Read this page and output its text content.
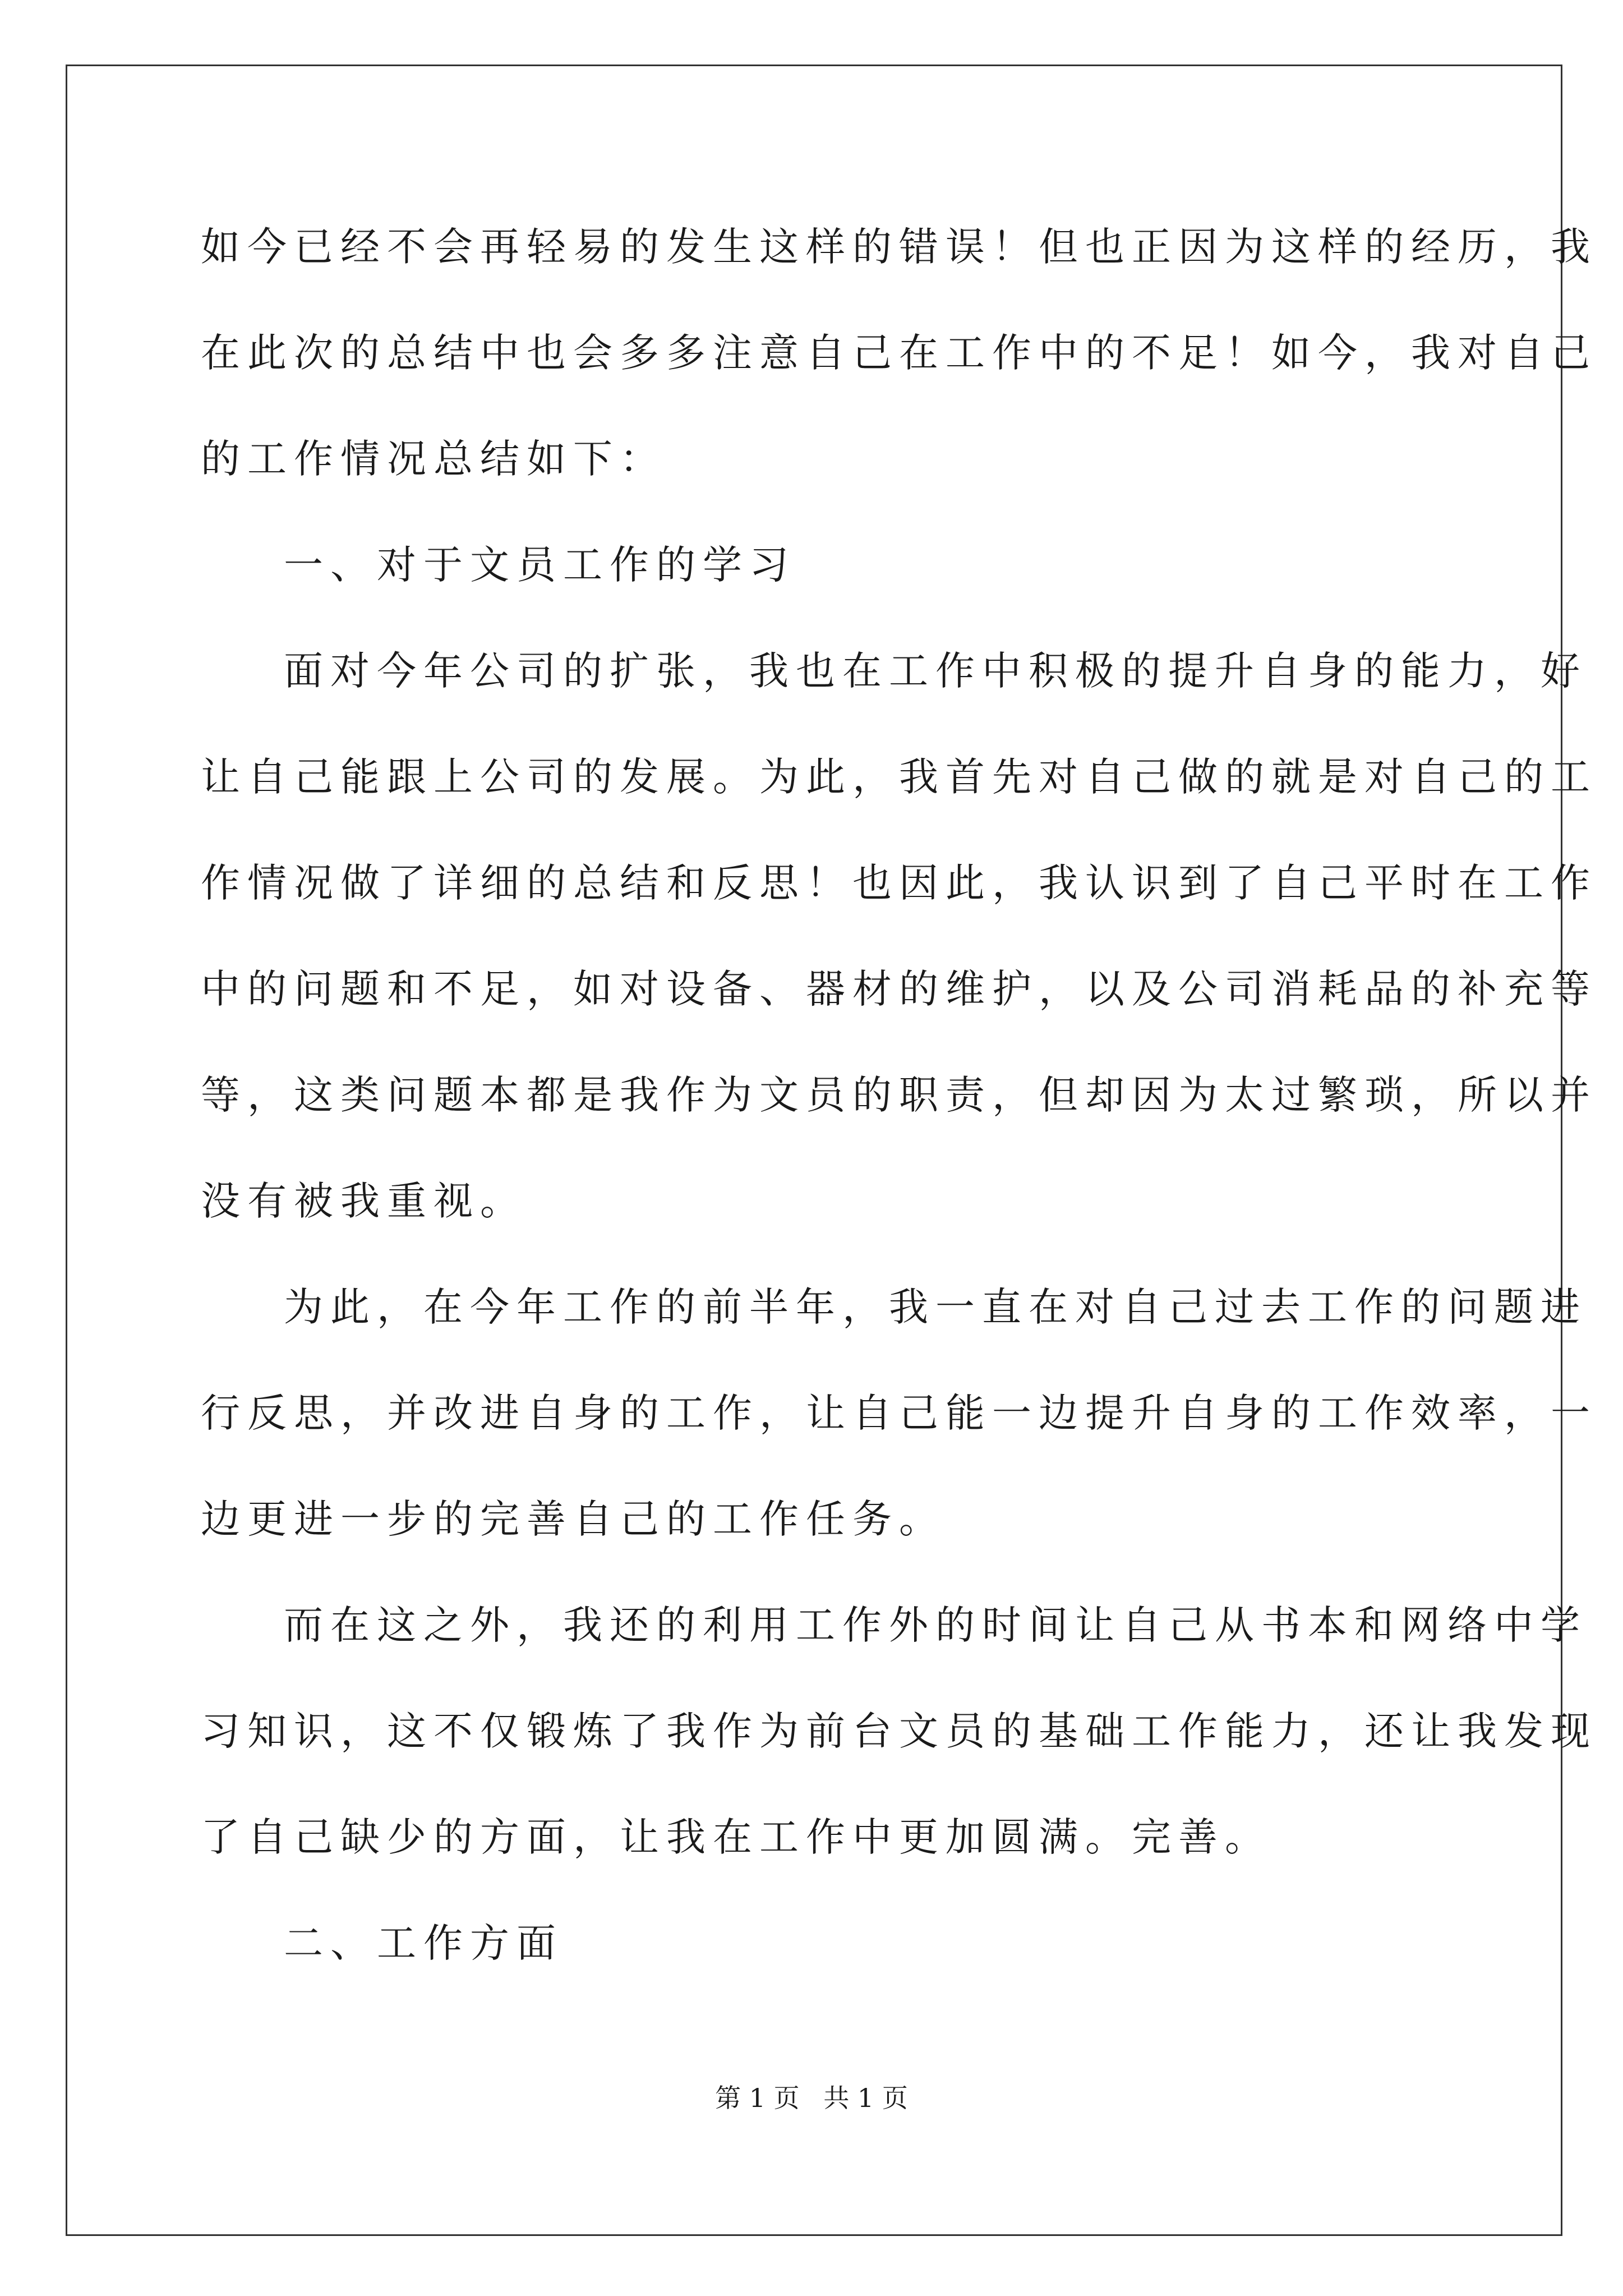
如今已经不会再轻易的发生这样的错误！但也正因为这样的经历，我
在此次的总结中也会多多注意自己在工作中的不足！如今，我对自己
的工作情况总结如下：
一、对于文员工作的学习
面对今年公司的扩张，我也在工作中积极的提升自身的能力，好
让自己能跟上公司的发展。为此，我首先对自己做的就是对自己的工
作情况做了详细的总结和反思！也因此，我认识到了自己平时在工作
中的问题和不足，如对设备、器材的维护，以及公司消耗品的补充等
等，这类问题本都是我作为文员的职责，但却因为太过繁琐，所以并
没有被我重视。
为此，在今年工作的前半年，我一直在对自己过去工作的问题进
行反思，并改进自身的工作，让自己能一边提升自身的工作效率，一
边更进一步的完善自己的工作任务。
而在这之外，我还的利用工作外的时间让自己从书本和网络中学
习知识，这不仅锻炼了我作为前台文员的基础工作能力，还让我发现
了自己缺少的方面，让我在工作中更加圆满。完善。
二、工作方面
第 1 页 共 1 页
